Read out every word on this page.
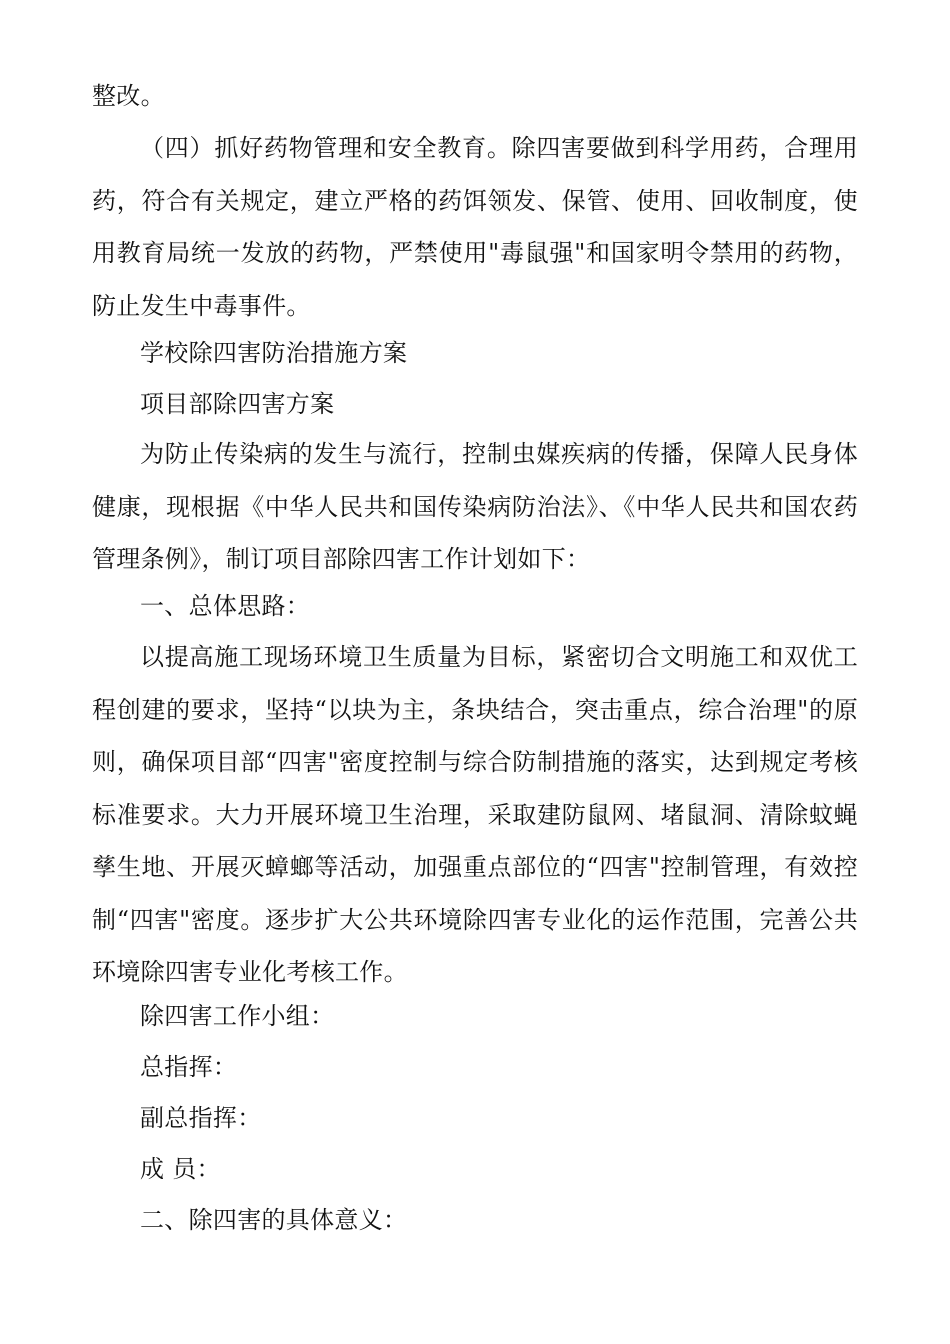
整改。

（四）抓好药物管理和安全教育。除四害要做到科学用药，合理用药，符合有关规定，建立严格的药饵领发、保管、使用、回收制度，使用教育局统一发放的药物，严禁使用"毒鼠强"和国家明令禁用的药物，防止发生中毒事件。

学校除四害防治措施方案

项目部除四害方案

为防止传染病的发生与流行，控制虫媒疾病的传播，保障人民身体健康，现根据《中华人民共和国传染病防治法》、《中华人民共和国农药管理条例》，制订项目部除四害工作计划如下：

一、总体思路：

以提高施工现场环境卫生质量为目标，紧密切合文明施工和双优工程创建的要求，坚持“以块为主，条块结合，突击重点，综合治理"的原则，确保项目部“四害"密度控制与综合防制措施的落实，达到规定考核标准要求。大力开展环境卫生治理，采取建防鼠网、堵鼠洞、清除蚊蝇孳生地、开展灭蟑螂等活动，加强重点部位的“四害"控制管理，有效控制“四害"密度。逐步扩大公共环境除四害专业化的运作范围，完善公共环境除四害专业化考核工作。

除四害工作小组：

总指挥：

副总指挥：

成 员：

二、除四害的具体意义：
